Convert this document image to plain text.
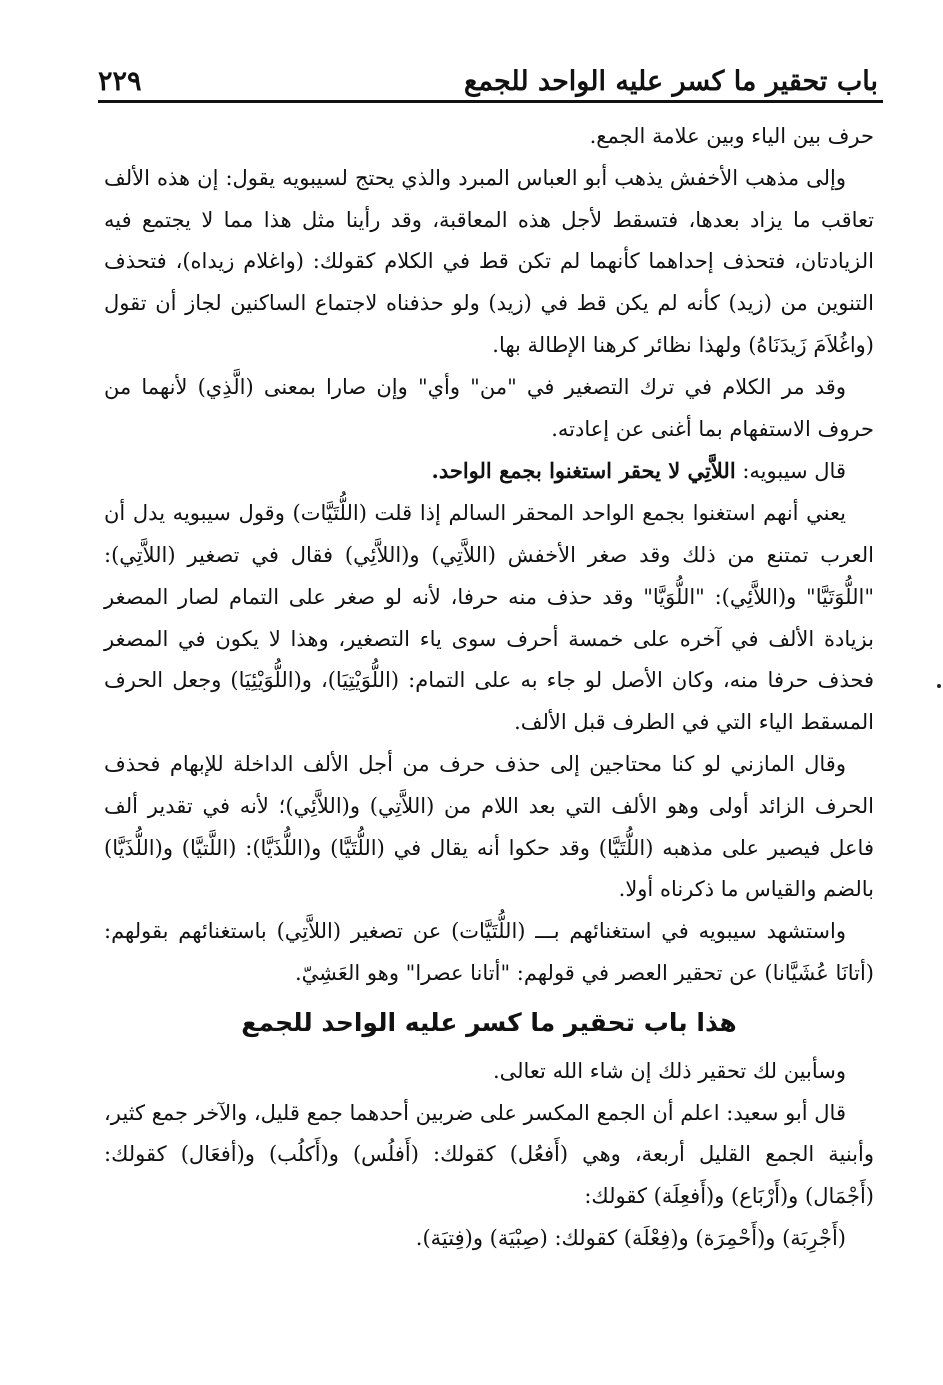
باب تحقير ما كسر عليه الواحد للجمع
٢٢٩

حرف بين الياء وبين علامة الجمع.

وإلى مذهب الأخفش يذهب أبو العباس المبرد والذي يحتج لسيبويه يقول: إن هذه الألف تعاقب ما يزاد بعدها، فتسقط لأجل هذه المعاقبة، وقد رأينا مثل هذا مما لا يجتمع فيه الزيادتان، فتحذف إحداهما كأنهما لم تكن قط في الكلام كقولك: (واغلام زيداه)، فتحذف التنوين من (زيد) كأنه لم يكن قط في (زيد) ولو حذفناه لاجتماع الساكنين لجاز أن تقول (واغُلاَمَ زَيدَنَاهُ) ولهذا نظائر كرهنا الإطالة بها.

وقد مر الكلام في ترك التصغير في "من" وأي" وإن صارا بمعنى (الَّذِي) لأنهما من حروف الاستفهام بما أغنى عن إعادته.

قال سيبويه: اللاَّتِي لا يحقر استغنوا بجمع الواحد.

يعني أنهم استغنوا بجمع الواحد المحقر السالم إذا قلت (اللُّتَيَّات) وقول سيبويه يدل أن العرب تمتنع من ذلك وقد صغر الأخفش (اللاَّتِي) و(اللاَّئِي) فقال في تصغير (اللاَّتِي): "اللُّوَتَيَّا" و(اللاَّئِي): "اللُّوَيَّا" وقد حذف منه حرفا، لأنه لو صغر على التمام لصار المصغر بزيادة الألف في آخره على خمسة أحرف سوى ياء التصغير، وهذا لا يكون في المصغر فحذف حرفا منه، وكان الأصل لو جاء به على التمام: (اللُّوَيْتِيَا)، و(اللُّوَيْئِيَا) وجعل الحرف المسقط الياء التي في الطرف قبل الألف.

وقال المازني لو كنا محتاجين إلى حذف حرف من أجل الألف الداخلة للإبهام فحذف الحرف الزائد أولى وهو الألف التي بعد اللام من (اللاَّتِي) و(اللاَّئِي)؛ لأنه في تقدير ألف فاعل فيصير على مذهبه (اللُّتَيَّا) وقد حكوا أنه يقال في (اللُّتَيَّا) و(اللُّذَيَّا): (اللَّتيَّا) و(اللُّذَيَّا) بالضم والقياس ما ذكرناه أولا.

واستشهد سيبويه في استغنائهم بـــ (اللُّتَيَّات) عن تصغير (اللاَّتِي) باستغنائهم بقولهم: (أتانَا عُشَيَّانا) عن تحقير العصر في قولهم: "أتانا عصرا" وهو العَشِيّ.

هذا باب تحقير ما كسر عليه الواحد للجمع

وسأبين لك تحقير ذلك إن شاء الله تعالى.

قال أبو سعيد: اعلم أن الجمع المكسر على ضربين أحدهما جمع قليل، والآخر جمع كثير، وأبنية الجمع القليل أربعة، وهي (أَفعُل) كقولك: (أَفلُس) و(أَكلُب) و(أفعَال) كقولك: (أَجْمَال) و(أَرْبَاع) و(أَفعِلَة) كقولك:

(أَجْرِبَة) و(أَحْمِرَة) و(فِعْلَة) كقولك: (صِبْيَة) و(فِتيَة).
